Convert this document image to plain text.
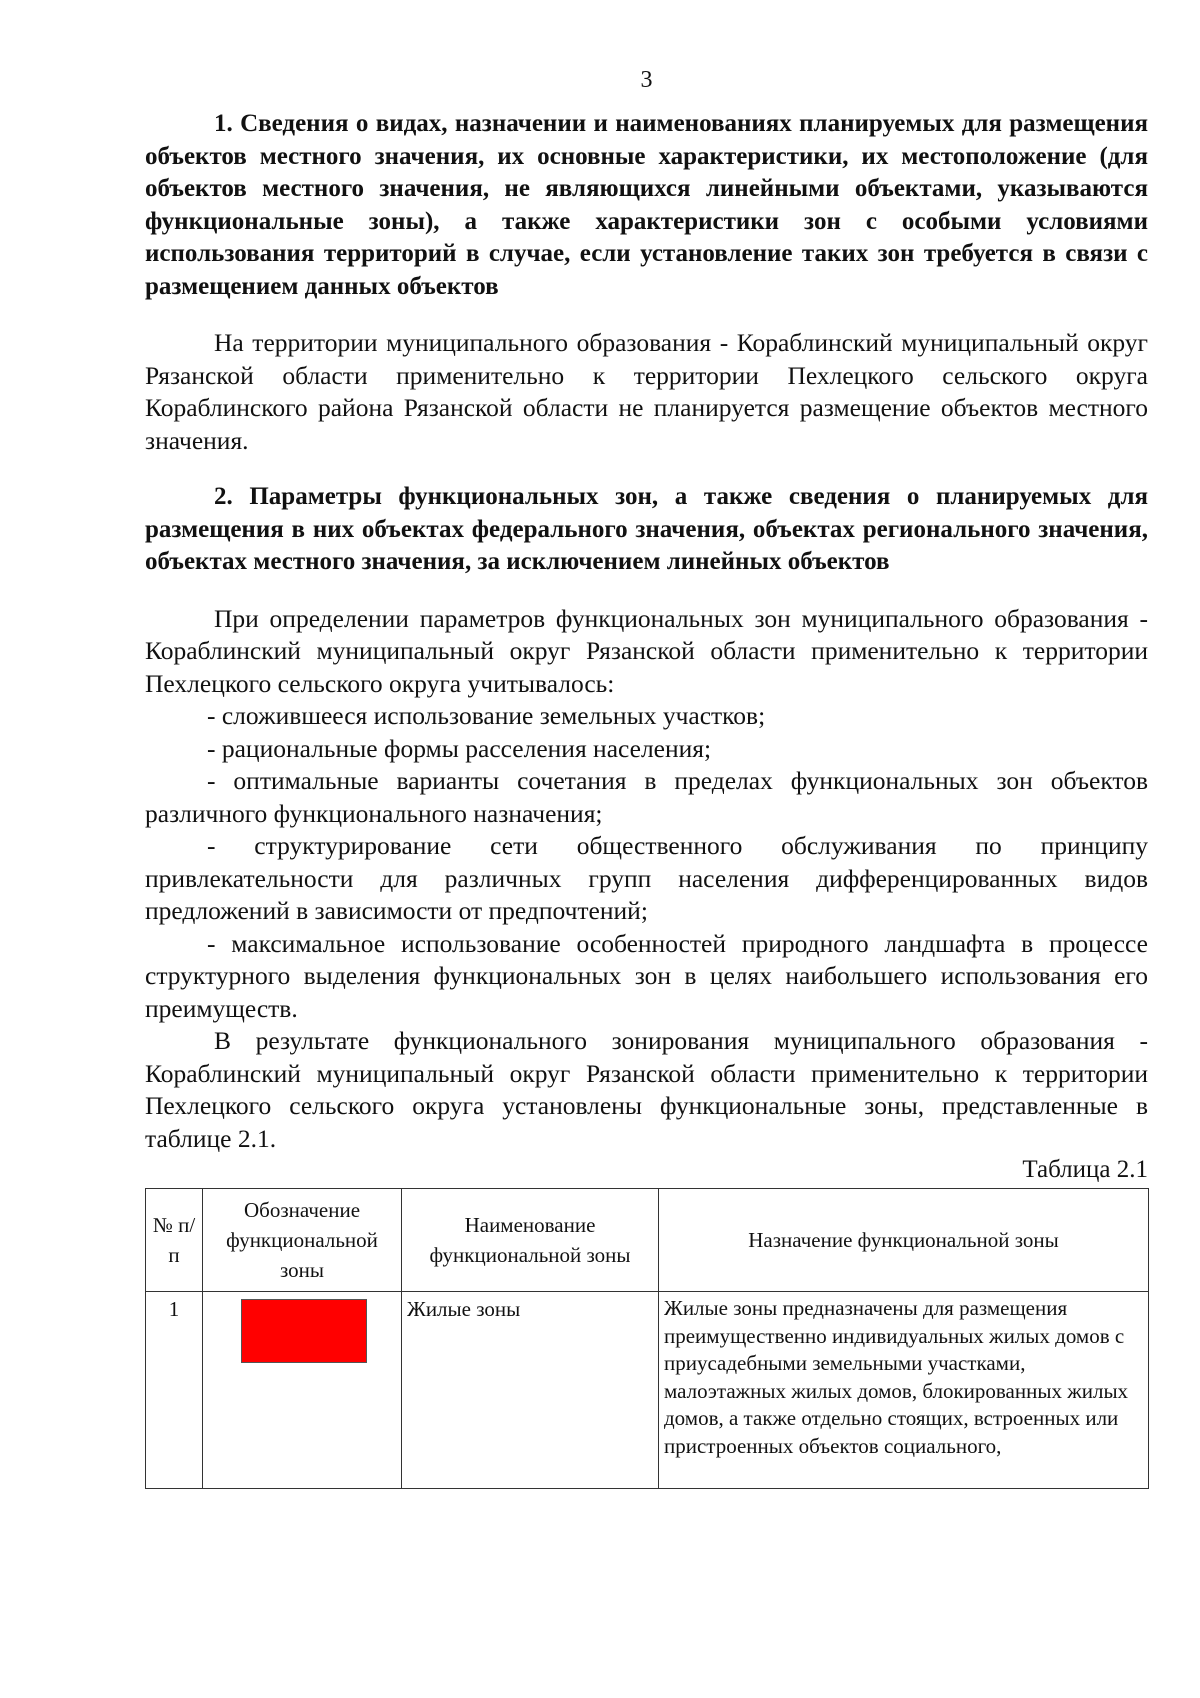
3

1. Сведения о видах, назначении и наименованиях планируемых для размещения объектов местного значения, их основные характеристики, их местоположение (для объектов местного значения, не являющихся линейными объектами, указываются функциональные зоны), а также характеристики зон с особыми условиями использования территорий в случае, если установление таких зон требуется в связи с размещением данных объектов

На территории муниципального образования - Кораблинский муниципальный округ Рязанской области применительно к территории Пехлецкого сельского округа Кораблинского района Рязанской области не планируется размещение объектов местного значения.

2. Параметры функциональных зон, а также сведения о планируемых для размещения в них объектах федерального значения, объектах регионального значения, объектах местного значения, за исключением линейных объектов

При определении параметров функциональных зон муниципального образования - Кораблинский муниципальный округ Рязанской области применительно к территории Пехлецкого сельского округа учитывалось:

- сложившееся использование земельных участков;

- рациональные формы расселения населения;

- оптимальные варианты сочетания в пределах функциональных зон объектов различного функционального назначения;

- структурирование сети общественного обслуживания по принципу привлекательности для различных групп населения дифференцированных видов предложений в зависимости от предпочтений;

- максимальное использование особенностей природного ландшафта в процессе структурного выделения функциональных зон в целях наибольшего использования его преимуществ.

В результате функционального зонирования муниципального образования - Кораблинский муниципальный округ Рязанской области применительно к территории Пехлецкого сельского округа установлены функциональные зоны, представленные в таблице 2.1.

Таблица 2.1
№ п/п	Обозначение функциональной зоны	Наименование функциональной зоны	Назначение функциональной зоны
1		Жилые зоны	Жилые зоны предназначены для размещения преимущественно индивидуальных жилых домов с приусадебными земельными участками, малоэтажных жилых домов, блокированных жилых домов, а также отдельно стоящих, встроенных или пристроенных объектов социального,
